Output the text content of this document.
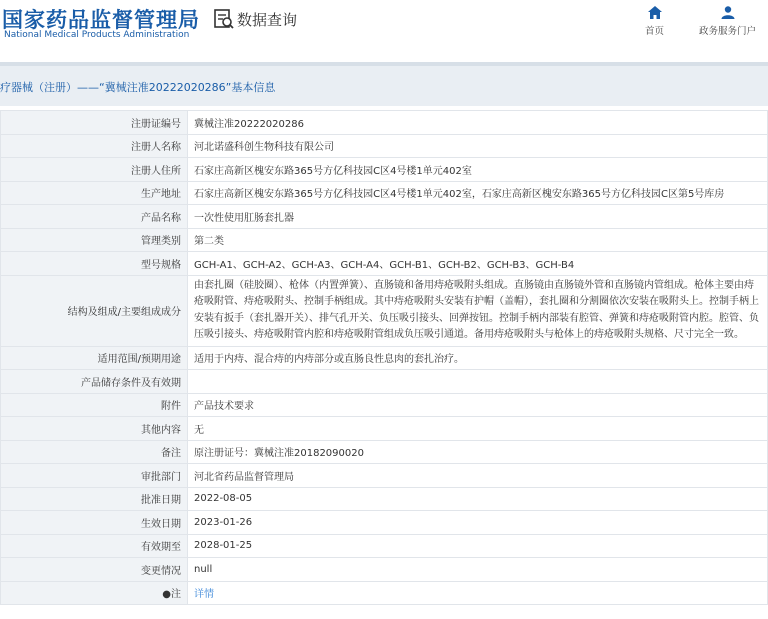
国家药品监督管理局
National Medical Products Administration
数据查询
首页	政务服务门户
疗器械（注册）——“冀械注准20222020286”基本信息
注册证编号	冀械注准20222020286
注册人名称	河北诺盛科创生物科技有限公司
注册人住所	石家庄高新区槐安东路365号方亿科技园C区4号楼1单元402室
生产地址	石家庄高新区槐安东路365号方亿科技园C区4号楼1单元402室，石家庄高新区槐安东路365号方亿科技园C区第5号库房
产品名称	一次性使用肛肠套扎器
管理类别	第二类
型号规格	GCH-A1、GCH-A2、GCH-A3、GCH-A4、GCH-B1、GCH-B2、GCH-B3、GCH-B4
结构及组成/主要组成成分	由套扎圈（硅胶圈）、枪体（内置弹簧）、直肠镜和备用痔疮吸附头组成。直肠镜由直肠镜外管和直肠镜内管组成。枪体主要由痔疮吸附管、痔疮吸附头、控制手柄组成。其中痔疮吸附头安装有护帽（盖帽），套扎圈和分割圈依次安装在吸附头上。控制手柄上安装有扳手（套扎器开关）、排气孔开关、负压吸引接头、回弹按钮。控制手柄内部装有腔管、弹簧和痔疮吸附管内腔。腔管、负压吸引接头、痔疮吸附管内腔和痔疮吸附管组成负压吸引通道。备用痔疮吸附头与枪体上的痔疮吸附头规格、尺寸完全一致。
适用范围/预期用途	适用于内痔、混合痔的内痔部分或直肠良性息肉的套扎治疗。
产品储存条件及有效期	
附件	产品技术要求
其他内容	无
备注	原注册证号：冀械注准20182090020
审批部门	河北省药品监督管理局
批准日期	2022-08-05
生效日期	2023-01-26
有效期至	2028-01-25
变更情况	null
●注	详情
